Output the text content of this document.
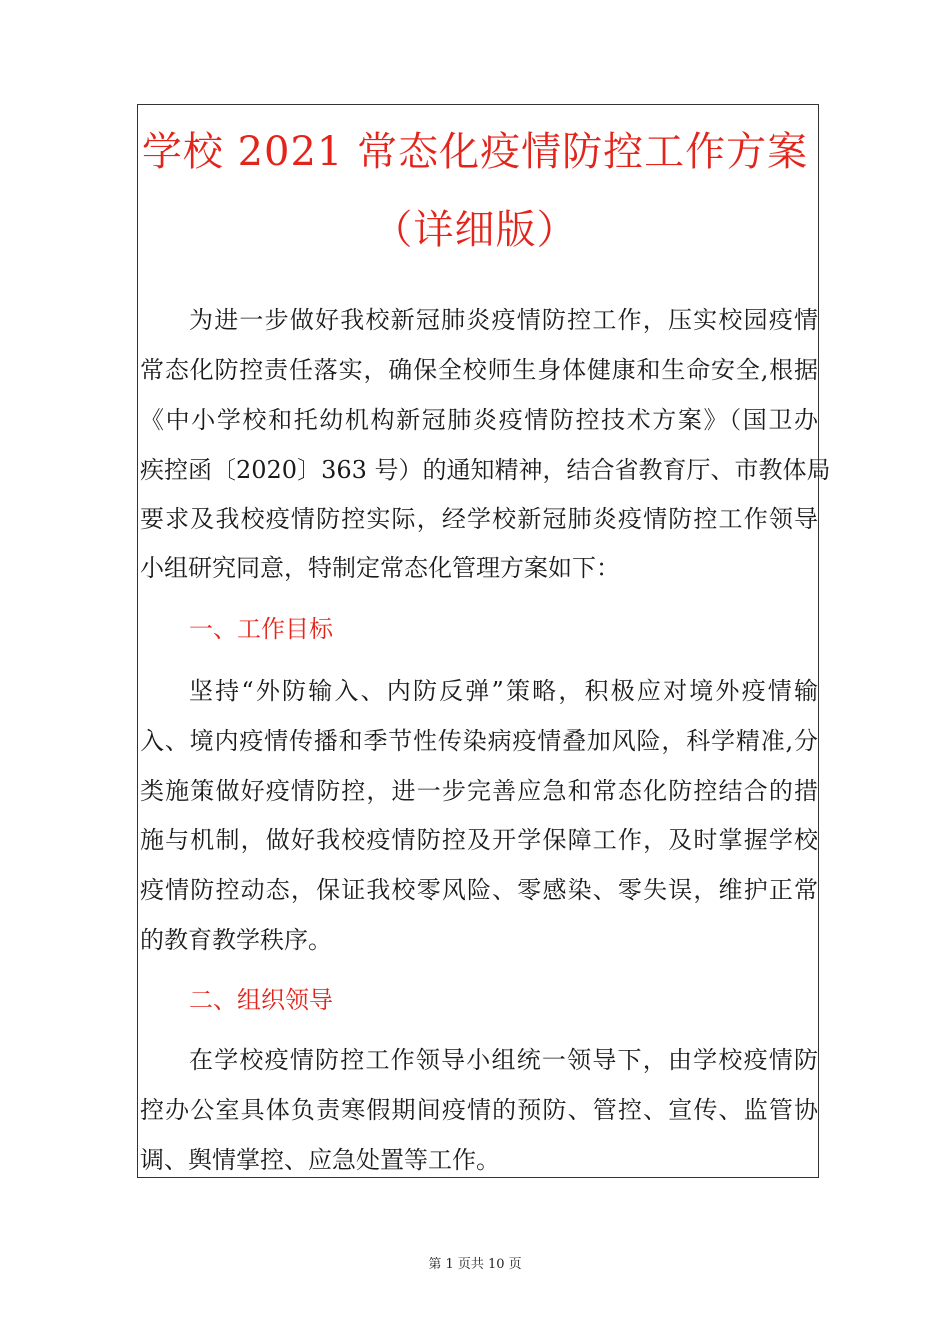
学校 2021 常态化疫情防控工作方案
（详细版）
为进一步做好我校新冠肺炎疫情防控工作，压实校园疫情
常态化防控责任落实，确保全校师生身体健康和生命安全,根据
《中小学校和托幼机构新冠肺炎疫情防控技术方案》（国卫办
疾控函〔2020〕363 号）的通知精神，结合省教育厅、市教体局
要求及我校疫情防控实际，经学校新冠肺炎疫情防控工作领导
小组研究同意，特制定常态化管理方案如下：
一、工作目标
坚持“外防输入、内防反弹”策略，积极应对境外疫情输
入、境内疫情传播和季节性传染病疫情叠加风险，科学精准,分
类施策做好疫情防控，进一步完善应急和常态化防控结合的措
施与机制，做好我校疫情防控及开学保障工作，及时掌握学校
疫情防控动态，保证我校零风险、零感染、零失误，维护正常
的教育教学秩序。
二、组织领导
在学校疫情防控工作领导小组统一领导下，由学校疫情防
控办公室具体负责寒假期间疫情的预防、管控、宣传、监管协
调、舆情掌控、应急处置等工作。
第 1 页共 10 页
